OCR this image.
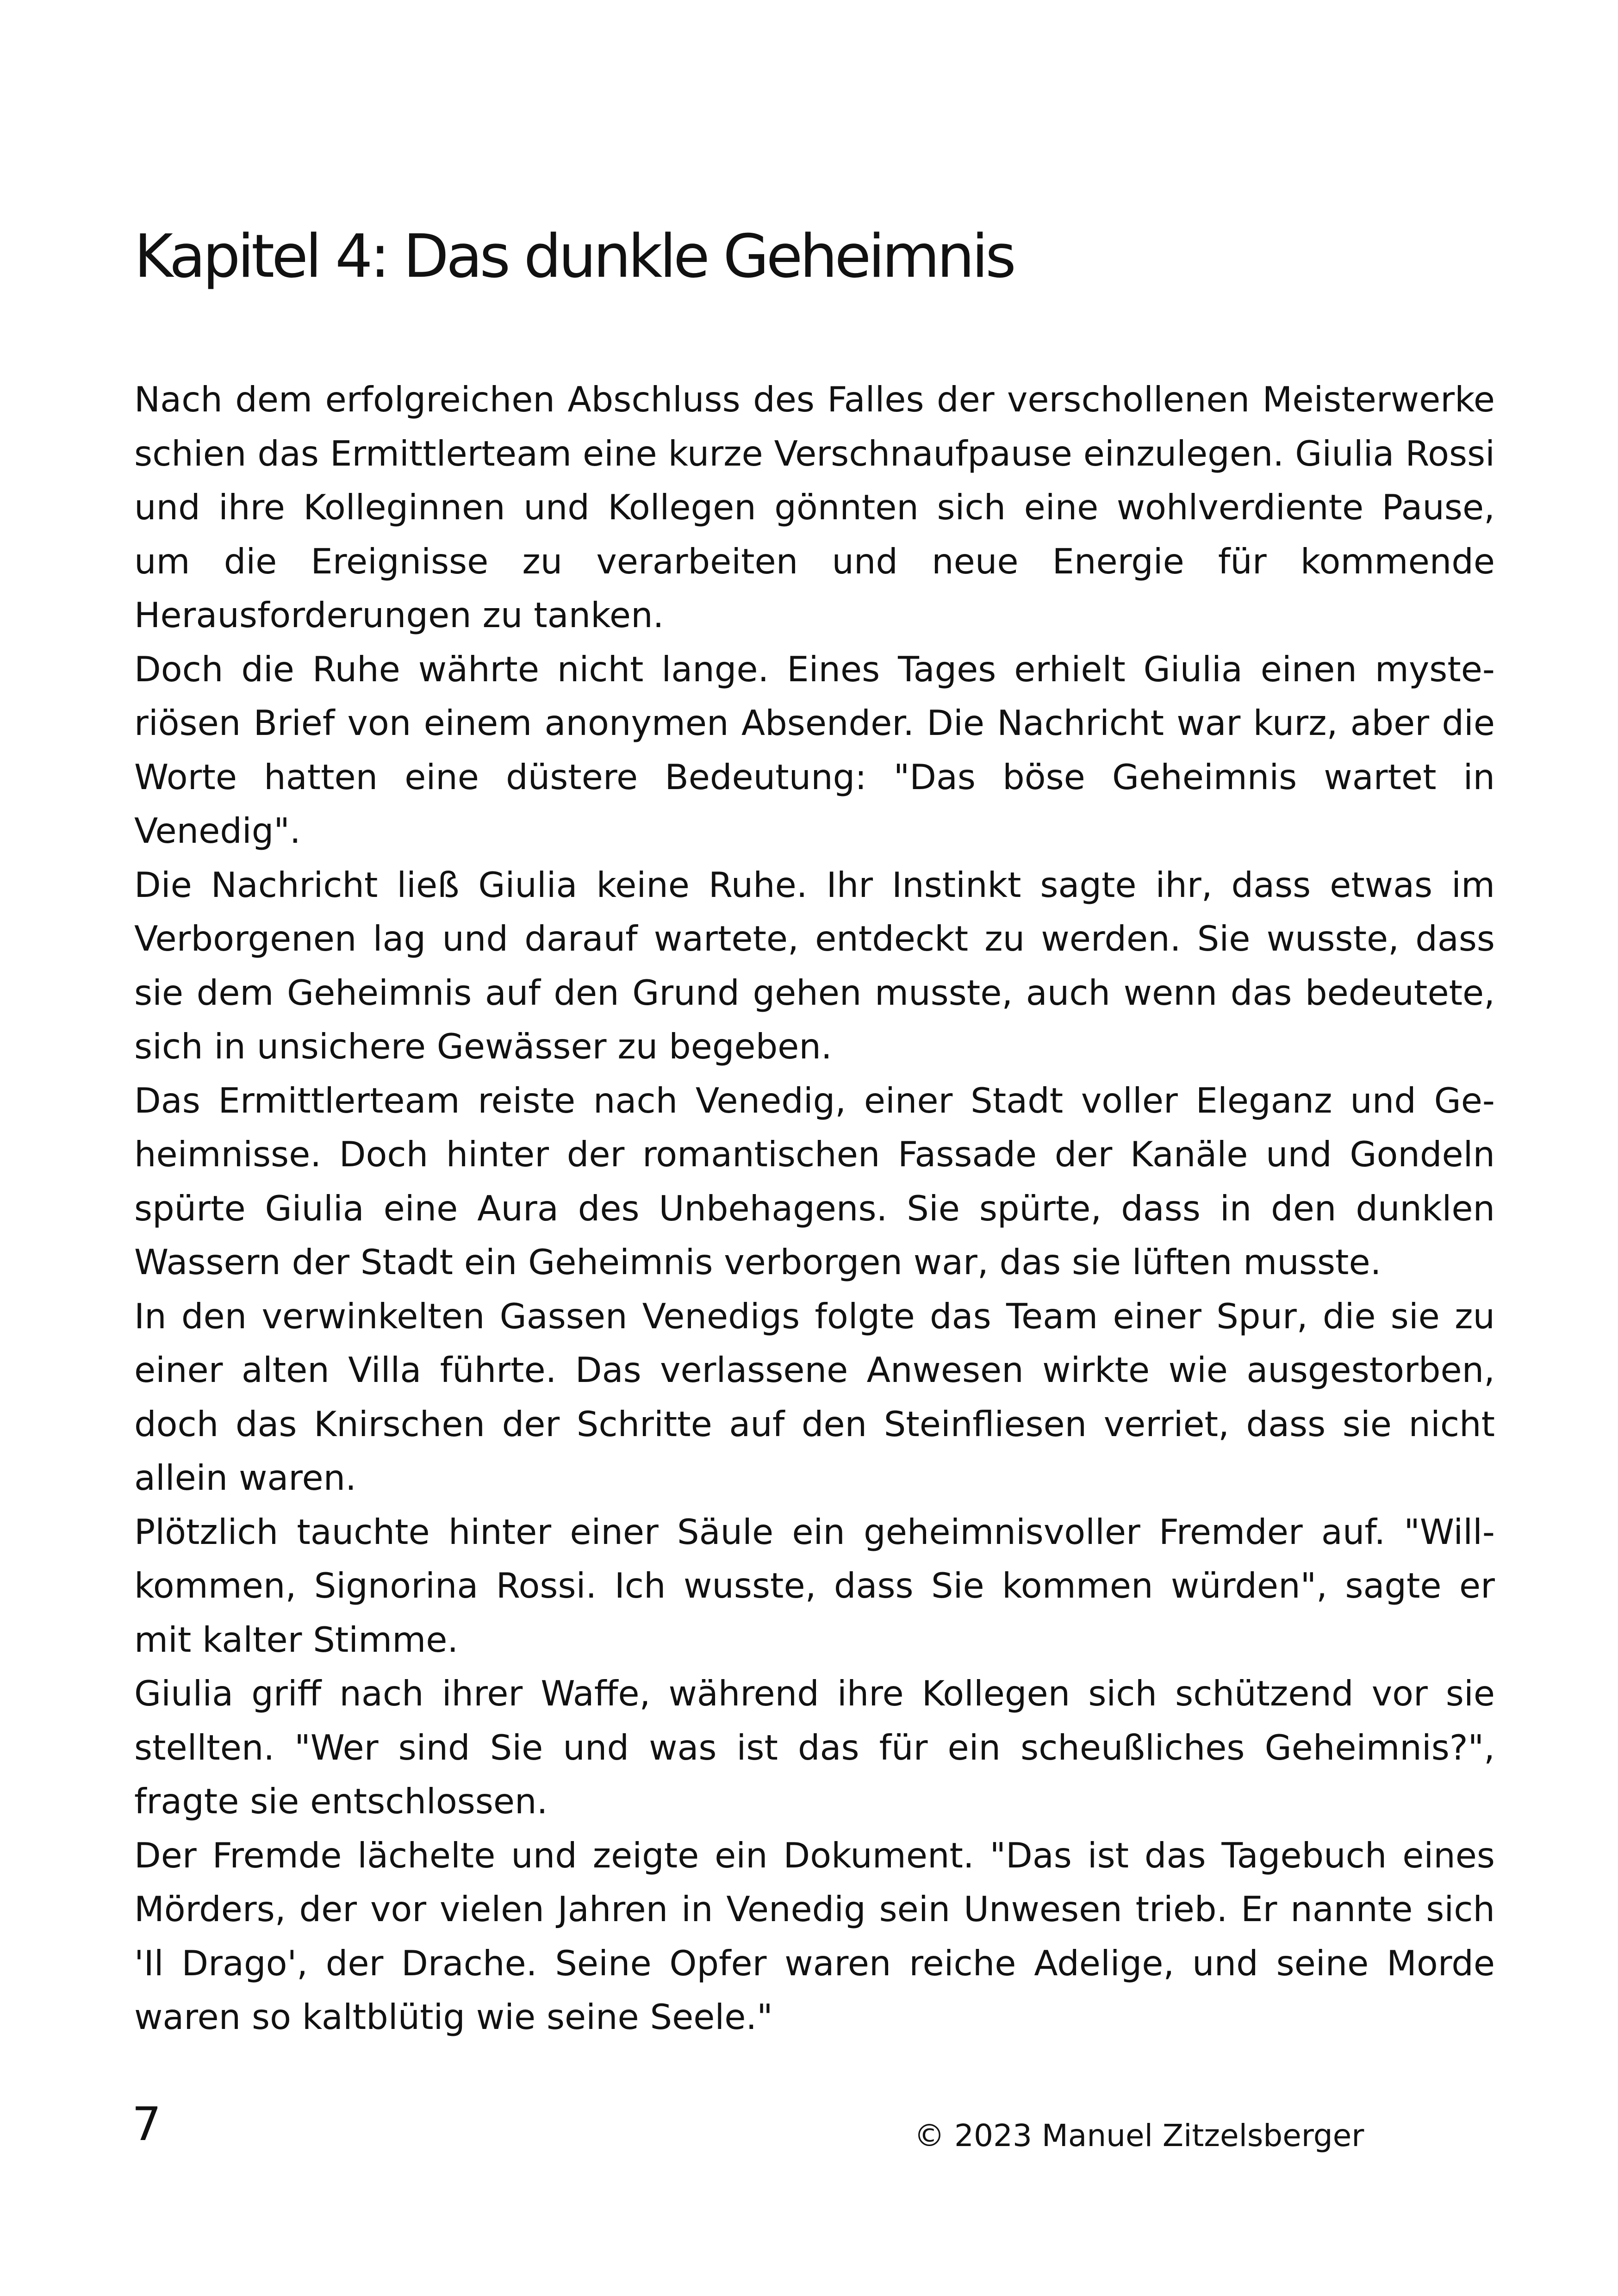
Kapitel 4: Das dunkle Geheimnis

Nach dem erfolgreichen Abschluss des Falles der verschollenen Meisterwerke schien das Ermittlerteam eine kurze Verschnaufpause einzulegen. Giulia Rossi und ihre Kolleginnen und Kollegen gönnten sich eine wohlverdiente Pause, um die Ereignisse zu verarbeiten und neue Energie für kommende Herausforderungen zu tanken.

Doch die Ruhe währte nicht lange. Eines Tages erhielt Giulia einen mysteriösen Brief von einem anonymen Absender. Die Nachricht war kurz, aber die Worte hatten eine düstere Bedeutung: "Das böse Geheimnis wartet in Venedig".

Die Nachricht ließ Giulia keine Ruhe. Ihr Instinkt sagte ihr, dass etwas im Verborgenen lag und darauf wartete, entdeckt zu werden. Sie wusste, dass sie dem Geheimnis auf den Grund gehen musste, auch wenn das bedeutete, sich in unsichere Gewässer zu begeben.

Das Ermittlerteam reiste nach Venedig, einer Stadt voller Eleganz und Geheimnisse. Doch hinter der romantischen Fassade der Kanäle und Gondeln spürte Giulia eine Aura des Unbehagens. Sie spürte, dass in den dunklen Wassern der Stadt ein Geheimnis verborgen war, das sie lüften musste.

In den verwinkelten Gassen Venedigs folgte das Team einer Spur, die sie zu einer alten Villa führte. Das verlassene Anwesen wirkte wie ausgestorben, doch das Knirschen der Schritte auf den Steinfliesen verriet, dass sie nicht allein waren.

Plötzlich tauchte hinter einer Säule ein geheimnisvoller Fremder auf. "Willkommen, Signorina Rossi. Ich wusste, dass Sie kommen würden", sagte er mit kalter Stimme.

Giulia griff nach ihrer Waffe, während ihre Kollegen sich schützend vor sie stellten. "Wer sind Sie und was ist das für ein scheußliches Geheimnis?", fragte sie entschlossen.

Der Fremde lächelte und zeigte ein Dokument. "Das ist das Tagebuch eines Mörders, der vor vielen Jahren in Venedig sein Unwesen trieb. Er nannte sich 'Il Drago', der Drache. Seine Opfer waren reiche Adelige, und seine Morde waren so kaltblütig wie seine Seele."

7	© 2023 Manuel Zitzelsberger
